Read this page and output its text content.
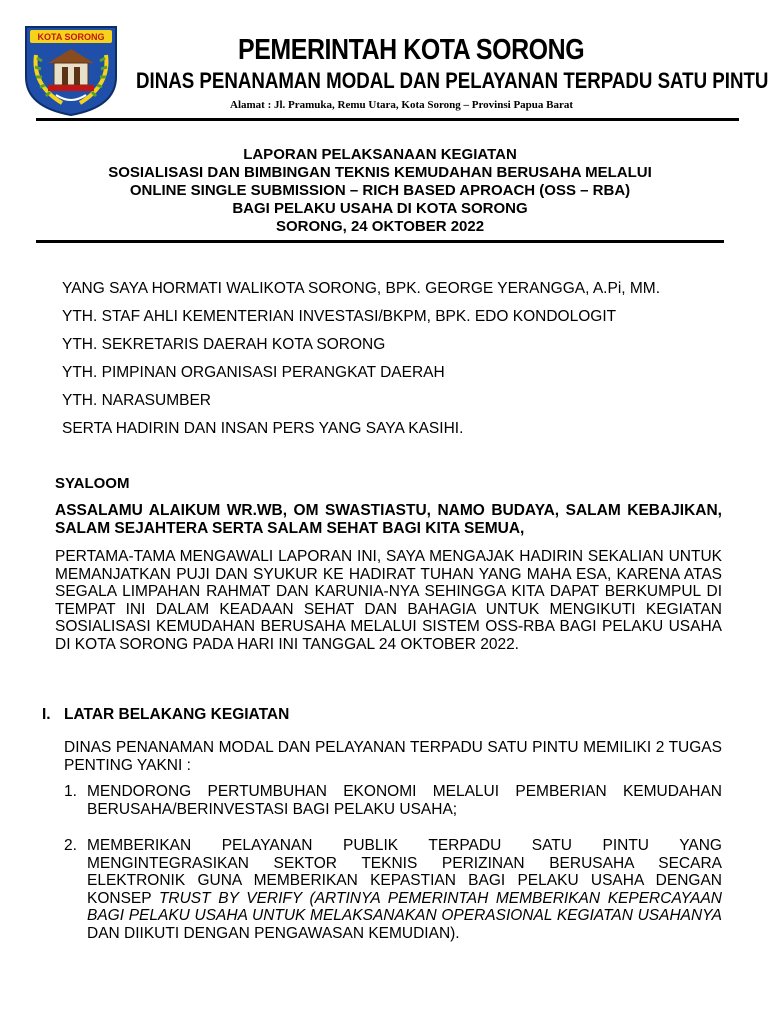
KOTA SORONG	PEMERINTAH KOTA SORONG
DINAS PENANAMAN MODAL DAN PELAYANAN TERPADU SATU PINTU
Alamat : Jl. Pramuka, Remu Utara, Kota Sorong – Provinsi Papua Barat
LAPORAN PELAKSANAAN KEGIATAN
SOSIALISASI DAN BIMBINGAN TEKNIS KEMUDAHAN BERUSAHA MELALUI
ONLINE SINGLE SUBMISSION – RICH BASED APROACH (OSS – RBA)
BAGI PELAKU USAHA DI KOTA SORONG
SORONG, 24 OKTOBER 2022
YANG SAYA HORMATI WALIKOTA SORONG, BPK. GEORGE YERANGGA, A.Pi, MM.
YTH. STAF AHLI KEMENTERIAN INVESTASI/BKPM, BPK. EDO KONDOLOGIT
YTH. SEKRETARIS DAERAH KOTA SORONG
YTH. PIMPINAN ORGANISASI PERANGKAT DAERAH
YTH. NARASUMBER
SERTA HADIRIN DAN INSAN PERS YANG SAYA KASIHI.
SYALOOM
ASSALAMU ALAIKUM WR.WB, OM SWASTIASTU, NAMO BUDAYA, SALAM KEBAJIKAN, SALAM SEJAHTERA SERTA SALAM SEHAT BAGI KITA SEMUA,
PERTAMA-TAMA MENGAWALI LAPORAN INI, SAYA MENGAJAK HADIRIN SEKALIAN UNTUK MEMANJATKAN PUJI DAN SYUKUR KE HADIRAT TUHAN YANG MAHA ESA, KARENA ATAS SEGALA LIMPAHAN RAHMAT DAN KARUNIA-NYA SEHINGGA KITA DAPAT BERKUMPUL DI TEMPAT INI DALAM KEADAAN SEHAT DAN BAHAGIA UNTUK MENGIKUTI KEGIATAN SOSIALISASI KEMUDAHAN BERUSAHA MELALUI SISTEM OSS-RBA BAGI PELAKU USAHA DI KOTA SORONG PADA HARI INI TANGGAL 24 OKTOBER 2022.
I. LATAR BELAKANG KEGIATAN
DINAS PENANAMAN MODAL DAN PELAYANAN TERPADU SATU PINTU MEMILIKI 2 TUGAS PENTING YAKNI :
1. MENDORONG PERTUMBUHAN EKONOMI MELALUI PEMBERIAN KEMUDAHAN BERUSAHA/BERINVESTASI BAGI PELAKU USAHA;
2. MEMBERIKAN PELAYANAN PUBLIK TERPADU SATU PINTU YANG MENGINTEGRASIKAN SEKTOR TEKNIS PERIZINAN BERUSAHA SECARA ELEKTRONIK GUNA MEMBERIKAN KEPASTIAN BAGI PELAKU USAHA DENGAN KONSEP TRUST BY VERIFY (ARTINYA PEMERINTAH MEMBERIKAN KEPERCAYAAN BAGI PELAKU USAHA UNTUK MELAKSANAKAN OPERASIONAL KEGIATAN USAHANYA DAN DIIKUTI DENGAN PENGAWASAN KEMUDIAN).
